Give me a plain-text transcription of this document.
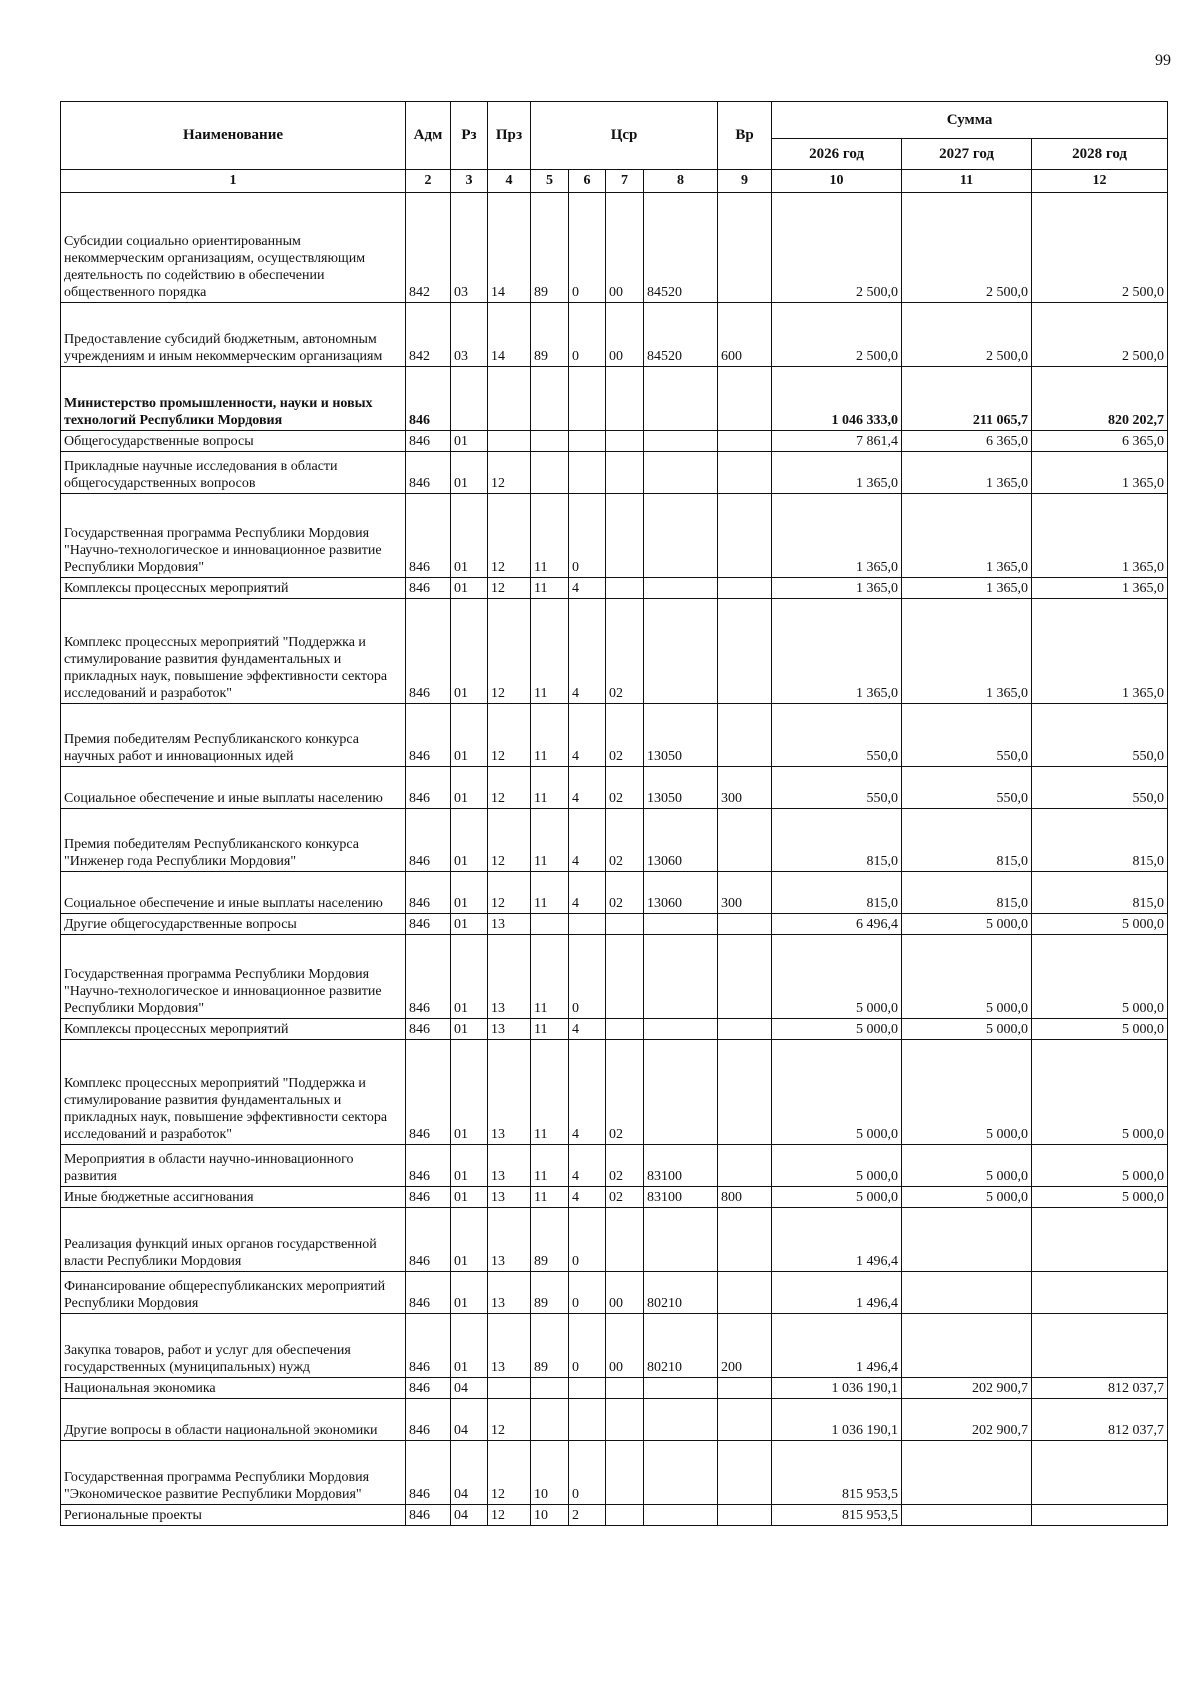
99
Наименование	Адм	Рз	Прз	Цср				Вр	Сумма		
									2026 год	2027 год	2028 год
1	2	3	4	5	6	7	8	9	10	11	12
Субсидии социально ориентированным некоммерческим организациям, осуществляющим деятельность по содействию в обеспечении общественного порядка	842	03	14	89	0	00	84520		2 500,0	2 500,0	2 500,0
Предоставление субсидий бюджетным, автономным учреждениям и иным некоммерческим организациям	842	03	14	89	0	00	84520	600	2 500,0	2 500,0	2 500,0
Министерство промышленности, науки и новых технологий Республики Мордовия	846								1 046 333,0	211 065,7	820 202,7
Общегосударственные вопросы	846	01							7 861,4	6 365,0	6 365,0
Прикладные научные исследования в области общегосударственных вопросов	846	01	12						1 365,0	1 365,0	1 365,0
Государственная программа Республики Мордовия "Научно-технологическое и инновационное развитие Республики Мордовия"	846	01	12	11	0				1 365,0	1 365,0	1 365,0
Комплексы процессных мероприятий	846	01	12	11	4				1 365,0	1 365,0	1 365,0
Комплекс процессных мероприятий "Поддержка и стимулирование развития фундаментальных и прикладных наук, повышение эффективности сектора исследований и разработок"	846	01	12	11	4	02			1 365,0	1 365,0	1 365,0
Премия победителям Республиканского конкурса научных работ и инновационных идей	846	01	12	11	4	02	13050		550,0	550,0	550,0
Социальное обеспечение и иные выплаты населению	846	01	12	11	4	02	13050	300	550,0	550,0	550,0
Премия победителям Республиканского конкурса "Инженер года Республики Мордовия"	846	01	12	11	4	02	13060		815,0	815,0	815,0
Социальное обеспечение и иные выплаты населению	846	01	12	11	4	02	13060	300	815,0	815,0	815,0
Другие общегосударственные вопросы	846	01	13						6 496,4	5 000,0	5 000,0
Государственная программа Республики Мордовия "Научно-технологическое и инновационное развитие Республики Мордовия"	846	01	13	11	0				5 000,0	5 000,0	5 000,0
Комплексы процессных мероприятий	846	01	13	11	4				5 000,0	5 000,0	5 000,0
Комплекс процессных мероприятий "Поддержка и стимулирование развития фундаментальных и прикладных наук, повышение эффективности сектора исследований и разработок"	846	01	13	11	4	02			5 000,0	5 000,0	5 000,0
Мероприятия в области научно-инновационного развития	846	01	13	11	4	02	83100		5 000,0	5 000,0	5 000,0
Иные бюджетные ассигнования	846	01	13	11	4	02	83100	800	5 000,0	5 000,0	5 000,0
Реализация функций иных органов государственной власти Республики Мордовия	846	01	13	89	0				1 496,4		
Финансирование общереспубликанских мероприятий Республики Мордовия	846	01	13	89	0	00	80210		1 496,4		
Закупка товаров, работ и услуг для обеспечения государственных (муниципальных) нужд	846	01	13	89	0	00	80210	200	1 496,4		
Национальная экономика	846	04							1 036 190,1	202 900,7	812 037,7
Другие вопросы в области национальной экономики	846	04	12						1 036 190,1	202 900,7	812 037,7
Государственная программа Республики Мордовия "Экономическое развитие Республики Мордовия"	846	04	12	10	0				815 953,5		
Региональные проекты	846	04	12	10	2				815 953,5		
